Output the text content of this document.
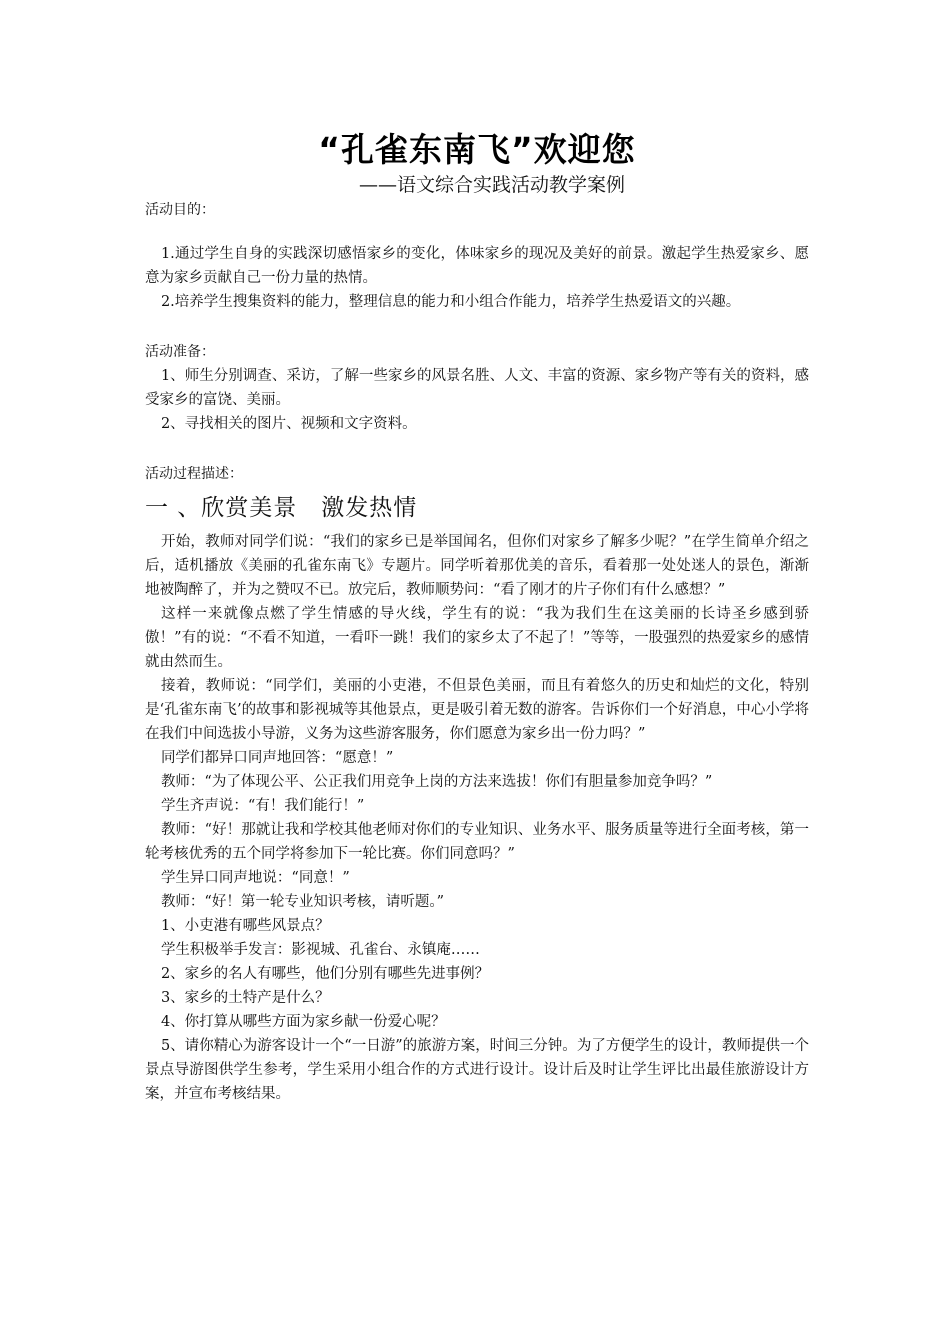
“孔雀东南飞”欢迎您
——语文综合实践活动教学案例
活动目的：

1.通过学生自身的实践深切感悟家乡的变化，体味家乡的现况及美好的前景。激起学生热爱家乡、愿意为家乡贡献自己一份力量的热情。

2.培养学生搜集资料的能力，整理信息的能力和小组合作能力，培养学生热爱语文的兴趣。

活动准备：

1、师生分别调查、采访，了解一些家乡的风景名胜、人文、丰富的资源、家乡物产等有关的资料，感受家乡的富饶、美丽。

2、寻找相关的图片、视频和文字资料。

活动过程描述：
一 、欣赏美景　激发热情

开始，教师对同学们说：“我们的家乡已是举国闻名，但你们对家乡了解多少呢？”在学生简单介绍之后，适机播放《美丽的孔雀东南飞》专题片。同学听着那优美的音乐，看着那一处处迷人的景色，渐渐地被陶醉了，并为之赞叹不已。放完后，教师顺势问：“看了刚才的片子你们有什么感想？”

这样一来就像点燃了学生情感的导火线，学生有的说：“我为我们生在这美丽的长诗圣乡感到骄傲！”有的说：“不看不知道，一看吓一跳！我们的家乡太了不起了！”等等，一股强烈的热爱家乡的感情就由然而生。

接着，教师说：“同学们，美丽的小吏港，不但景色美丽，而且有着悠久的历史和灿烂的文化，特别是‘孔雀东南飞’的故事和影视城等其他景点，更是吸引着无数的游客。告诉你们一个好消息，中心小学将在我们中间选拔小导游，义务为这些游客服务，你们愿意为家乡出一份力吗？”

同学们都异口同声地回答：“愿意！”

教师：“为了体现公平、公正我们用竞争上岗的方法来选拔！你们有胆量参加竞争吗？”

学生齐声说：“有！我们能行！”

教师：“好！那就让我和学校其他老师对你们的专业知识、业务水平、服务质量等进行全面考核，第一轮考核优秀的五个同学将参加下一轮比赛。你们同意吗？”

学生异口同声地说：“同意！”

教师：“好！第一轮专业知识考核，请听题。”

1、小吏港有哪些风景点？

学生积极举手发言：影视城、孔雀台、永镇庵……

2、家乡的名人有哪些，他们分别有哪些先进事例？

3、家乡的土特产是什么？

4、你打算从哪些方面为家乡献一份爱心呢？

5、请你精心为游客设计一个“一日游”的旅游方案，时间三分钟。为了方便学生的设计，教师提供一个景点导游图供学生参考，学生采用小组合作的方式进行设计。设计后及时让学生评比出最佳旅游设计方案，并宣布考核结果。
